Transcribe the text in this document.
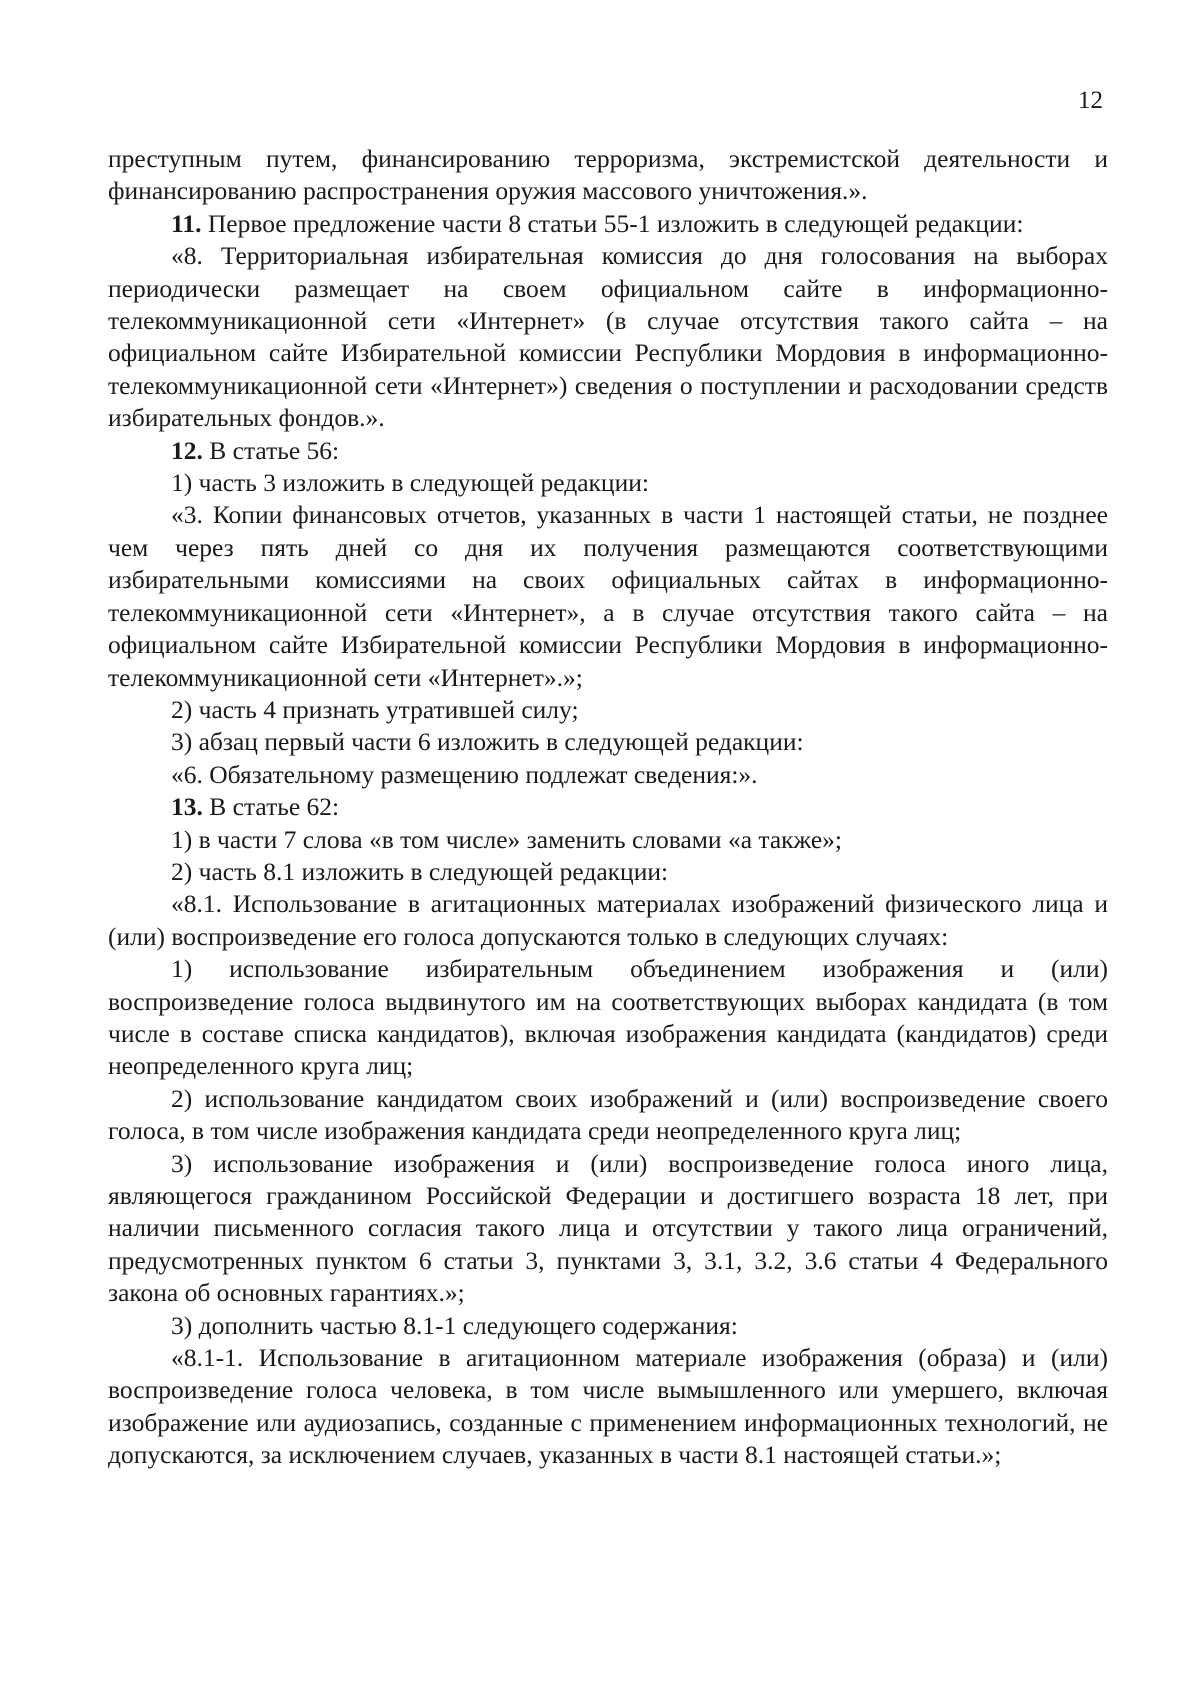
12

преступным путем, финансированию терроризма, экстремистской деятельности и финансированию распространения оружия массового уничтожения.».

11. Первое предложение части 8 статьи 55-1 изложить в следующей редакции:

«8. Территориальная избирательная комиссия до дня голосования на выборах периодически размещает на своем официальном сайте в информационно-телекоммуникационной сети «Интернет» (в случае отсутствия такого сайта – на официальном сайте Избирательной комиссии Республики Мордовия в информационно-телекоммуникационной сети «Интернет») сведения о поступлении и расходовании средств избирательных фондов.».

12. В статье 56:

1) часть 3 изложить в следующей редакции:

«3. Копии финансовых отчетов, указанных в части 1 настоящей статьи, не позднее чем через пять дней со дня их получения размещаются соответствующими избирательными комиссиями на своих официальных сайтах в информационно-телекоммуникационной сети «Интернет», а в случае отсутствия такого сайта – на официальном сайте Избирательной комиссии Республики Мордовия в информационно-телекоммуникационной сети «Интернет».»;

2) часть 4 признать утратившей силу;

3) абзац первый части 6 изложить в следующей редакции:

«6. Обязательному размещению подлежат сведения:».

13. В статье 62:

1) в части 7 слова «в том числе» заменить словами «а также»;

2) часть 8.1 изложить в следующей редакции:

«8.1. Использование в агитационных материалах изображений физического лица и (или) воспроизведение его голоса допускаются только в следующих случаях:

1) использование избирательным объединением изображения и (или) воспроизведение голоса выдвинутого им на соответствующих выборах кандидата (в том числе в составе списка кандидатов), включая изображения кандидата (кандидатов) среди неопределенного круга лиц;

2) использование кандидатом своих изображений и (или) воспроизведение своего голоса, в том числе изображения кандидата среди неопределенного круга лиц;

3) использование изображения и (или) воспроизведение голоса иного лица, являющегося гражданином Российской Федерации и достигшего возраста 18 лет, при наличии письменного согласия такого лица и отсутствии у такого лица ограничений, предусмотренных пунктом 6 статьи 3, пунктами 3, 3.1, 3.2, 3.6 статьи 4 Федерального закона об основных гарантиях.»;

3) дополнить частью 8.1-1 следующего содержания:

«8.1-1. Использование в агитационном материале изображения (образа) и (или) воспроизведение голоса человека, в том числе вымышленного или умершего, включая изображение или аудиозапись, созданные с применением информационных технологий, не допускаются, за исключением случаев, указанных в части 8.1 настоящей статьи.»;
